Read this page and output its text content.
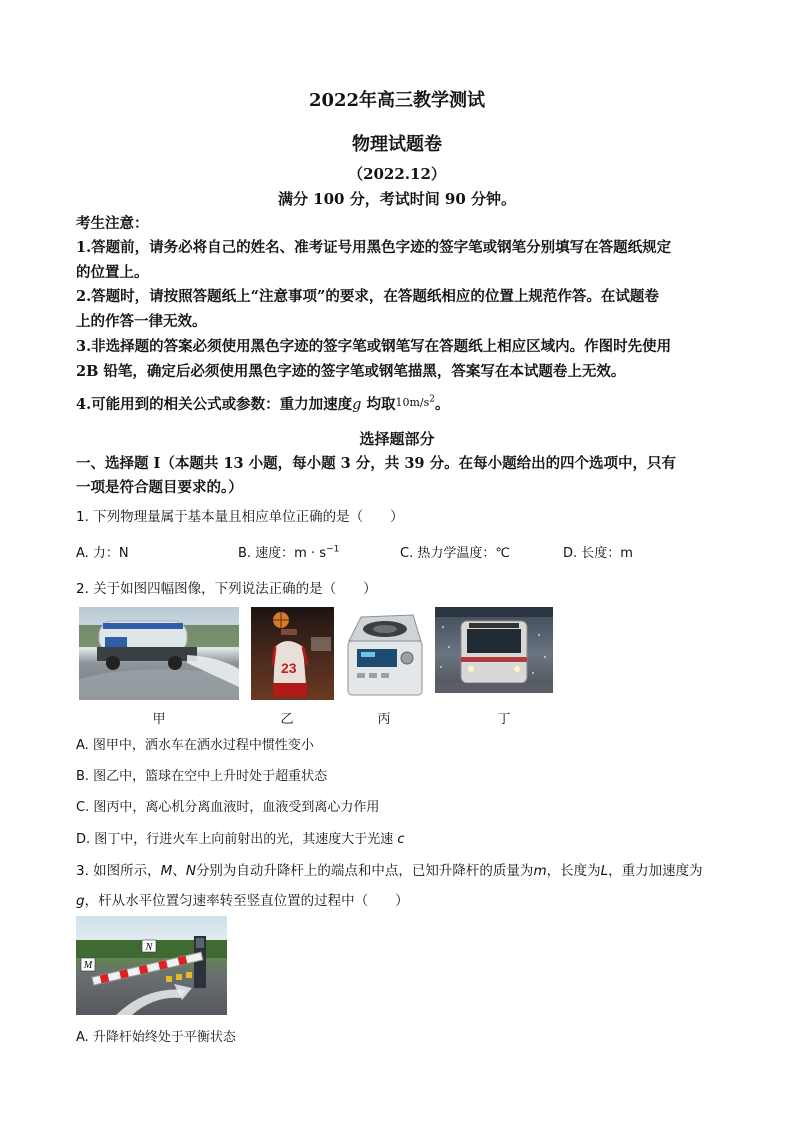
2022年高三教学测试
物理试题卷
（2022.12）
满分 100 分，考试时间 90 分钟。
考生注意：
1.答题前，请务必将自己的姓名、准考证号用黑色字迹的签字笔或钢笔分别填写在答题纸规定
的位置上。
2.答题时，请按照答题纸上“注意事项”的要求，在答题纸相应的位置上规范作答。在试题卷
上的作答一律无效。
3.非选择题的答案必须使用黑色字迹的签字笔或钢笔写在答题纸上相应区域内。作图时先使用
2B 铅笔，确定后必须使用黑色字迹的签字笔或钢笔描黑，答案写在本试题卷上无效。
4.可能用到的相关公式或参数：重力加速度g 均取$^{10m/s^2}$。
选择题部分
一、选择题 I（本题共 13 小题，每小题 3 分，共 39 分。在每小题给出的四个选项中，只有
一项是符合题目要求的。）
1. 下列物理量属于基本量且相应单位正确的是（　　）
A. 力：N	B. 速度：$m \cdot s^{-1}$	C. 热力学温度：℃	D. 长度：m
2. 关于如图四幅图像，下列说法正确的是（　　）
甲
23
乙	丙	丁
A. 图甲中，洒水车在洒水过程中惯性变小
B. 图乙中，篮球在空中上升时处于超重状态
C. 图丙中，离心机分离血液时，血液受到离心力作用
D. 图丁中，行进火车上向前射出的光，其速度大于光速 c
3. 如图所示，M、N分别为自动升降杆上的端点和中点，已知升降杆的质量为m，长度为L，重力加速度为
g，杆从水平位置匀速率转至竖直位置的过程中（　　）
N
M
A. 升降杆始终处于平衡状态
